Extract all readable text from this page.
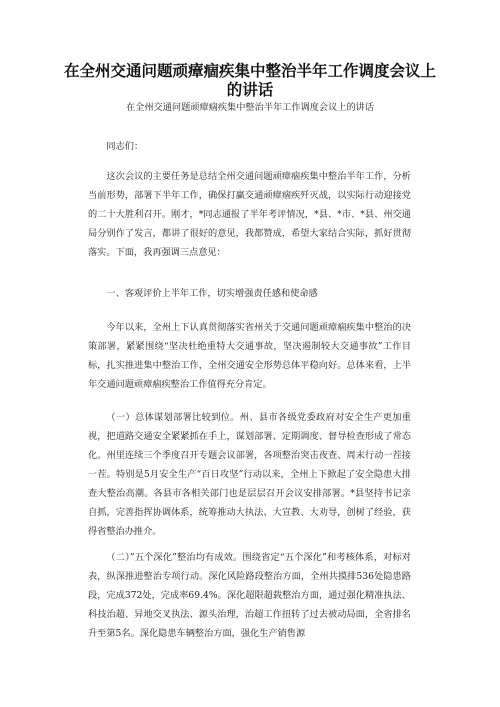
在全州交通问题顽瘴痼疾集中整治半年工作调度会议上的讲话
在全州交通问题顽瘴痼疾集中整治半年工作调度会议上的讲话

同志们：

这次会议的主要任务是总结全州交通问题顽瘴痼疾集中整治半年工作，分析当前形势，部署下半年工作，确保打赢交通顽瘴痼疾歼灭战，以实际行动迎接党的二十大胜利召开。刚才，*同志通报了半年考评情况，*县、*市、*县、州交通局分别作了发言，都讲了很好的意见，我都赞成，希望大家结合实际，抓好贯彻落实。下面，我再强调三点意见：

一、客观评价上半年工作，切实增强责任感和使命感

今年以来，全州上下认真贯彻落实省州关于交通问题顽瘴痼疾集中整治的决策部署，紧紧围绕“坚决杜绝重特大交通事故，坚决遏制较大交通事故”工作目标，扎实推进集中整治工作，全州交通安全形势总体平稳向好。总体来看，上半年交通问题顽瘴痼疾整治工作值得充分肯定。

（一）总体谋划部署比较到位。州、县市各级党委政府对安全生产更加重视，把道路交通安全紧紧抓在手上，谋划部署、定期调度、督导检查形成了常态化。州里连续三个季度召开专题会议部署，各项整治突击夜查、周末行动一茬接一茬。特别是5月安全生产“百日攻坚”行动以来，全州上下掀起了安全隐患大排查大整治高潮。各县市各相关部门也是层层召开会议安排部署。*县坚持书记亲自抓，完善指挥协调体系，统筹推动大执法、大宣教、大劝导，创树了经验，获得省整治办推介。

（二）”五个深化”整治均有成效。围绕省定“五个深化”和考核体系，对标对表，纵深推进整治专项行动。深化风险路段整治方面，全州共摸排536处隐患路段，完成372处，完成率69.4%。深化超限超载整治方面，通过强化精准执法、科技治超、异地交叉执法、源头治理，治超工作扭转了过去被动局面，全省排名升至第5名。深化隐患车辆整治方面，强化生产销售源
